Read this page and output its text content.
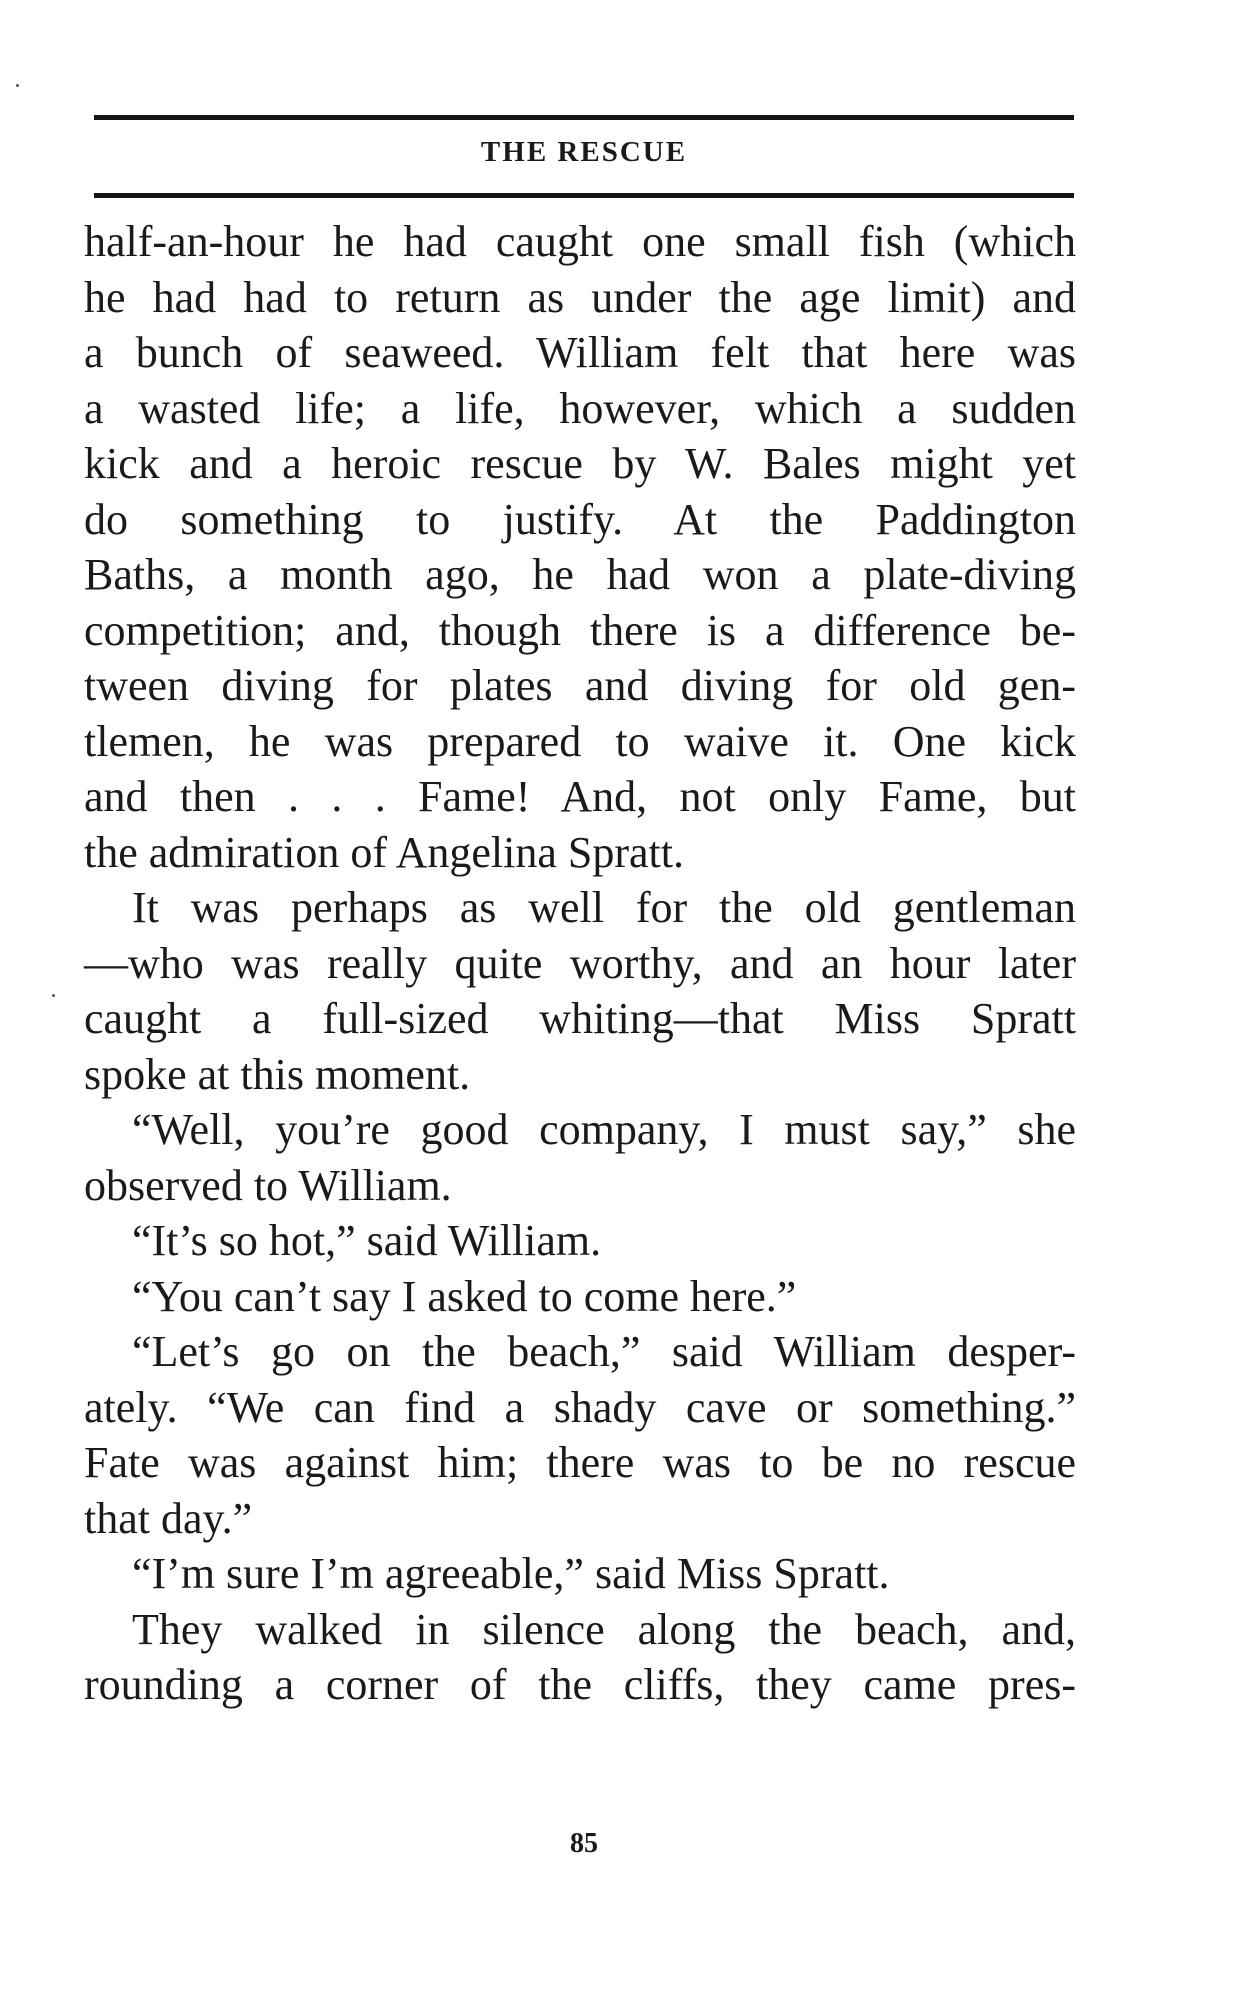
THE RESCUE
half-an-hour he had caught one small fish (which
he had had to return as under the age limit) and
a bunch of seaweed. William felt that here was
a wasted life; a life, however, which a sudden
kick and a heroic rescue by W. Bales might yet
do something to justify. At the Paddington
Baths, a month ago, he had won a plate-diving
competition; and, though there is a difference be-
tween diving for plates and diving for old gen-
tlemen, he was prepared to waive it. One kick
and then . . . Fame! And, not only Fame, but
the admiration of Angelina Spratt.
It was perhaps as well for the old gentleman
—who was really quite worthy, and an hour later
caught a full-sized whiting—that Miss Spratt
spoke at this moment.
“Well, you’re good company, I must say,” she
observed to William.
“It’s so hot,” said William.
“You can’t say I asked to come here.”
“Let’s go on the beach,” said William desper-
ately. “We can find a shady cave or something.”
Fate was against him; there was to be no rescue
that day.”
“I’m sure I’m agreeable,” said Miss Spratt.
They walked in silence along the beach, and,
rounding a corner of the cliffs, they came pres-
85
